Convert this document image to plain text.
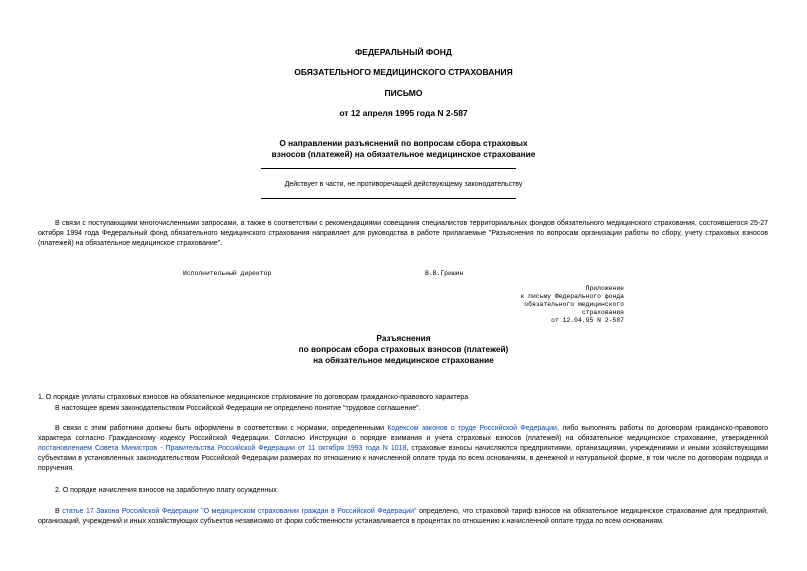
ФЕДЕРАЛЬНЫЙ ФОНД
ОБЯЗАТЕЛЬНОГО МЕДИЦИНСКОГО СТРАХОВАНИЯ
ПИСЬМО
от 12 апреля 1995 года N 2-587
О направлении разъяснений по вопросам сбора страховых
взносов (платежей) на обязательное медицинское страхование
Действует в части, не противоречащей действующему законодательству
В связи с поступающими многочисленными запросами, а также в соответствии с рекомендациями совещания специалистов территориальных фондов обязательного медицинского страхования, состоявшегося 25-27 октября 1994 года Федеральный фонд обязательного медицинского страхования направляет для руководства в работе прилагаемые "Разъяснения по вопросам организации работы по сбору, учету страховых взносов (платежей) на обязательное медицинское страхование".
Исполнительный директор	В.В.Гришин
Приложение
к письму Федерального фонда
обязательного медицинского
страхования
от 12.04.95 N 2-587
Разъяснения
по вопросам сбора страховых взносов (платежей)
на обязательное медицинское страхование
1. О порядке уплаты страховых взносов на обязательное медицинское страхование по договорам гражданско-правового характера
В настоящее время законодательством Российской Федерации не определено понятие "трудовое соглашение".
В связи с этим работники должны быть оформлены в соответствии с нормами, определенными Кодексом законов о труде Российской Федерации, либо выполнять работы по договорам гражданско-правового характера согласно Гражданскому кодексу Российской Федерации. Согласно Инструкции о порядке взимания и учета страховых взносов (платежей) на обязательное медицинское страхование, утвержденной постановлением Совета Министров - Правительства Российской Федерации от 11 октября 1993 года N 1018, страховые взносы начисляются предприятиями, организациями, учреждениями и иными хозяйствующими субъектами в установленных законодательством Российской Федерации размерах по отношению к начисленной оплате труда по всем основаниям, в денежной и натуральной форме, в том числе по договорам подряда и поручения.
2. О порядке начисления взносов на заработную плату осужденных
В статье 17 Закона Российской Федерации "О медицинском страховании граждан в Российской Федерации" определено, что страховой тариф взносов на обязательное медицинское страхование для предприятий, организаций, учреждений и иных хозяйствующих субъектов независимо от форм собственности устанавливается в процентах по отношению к начисленной оплате труда по всем основаниям.
